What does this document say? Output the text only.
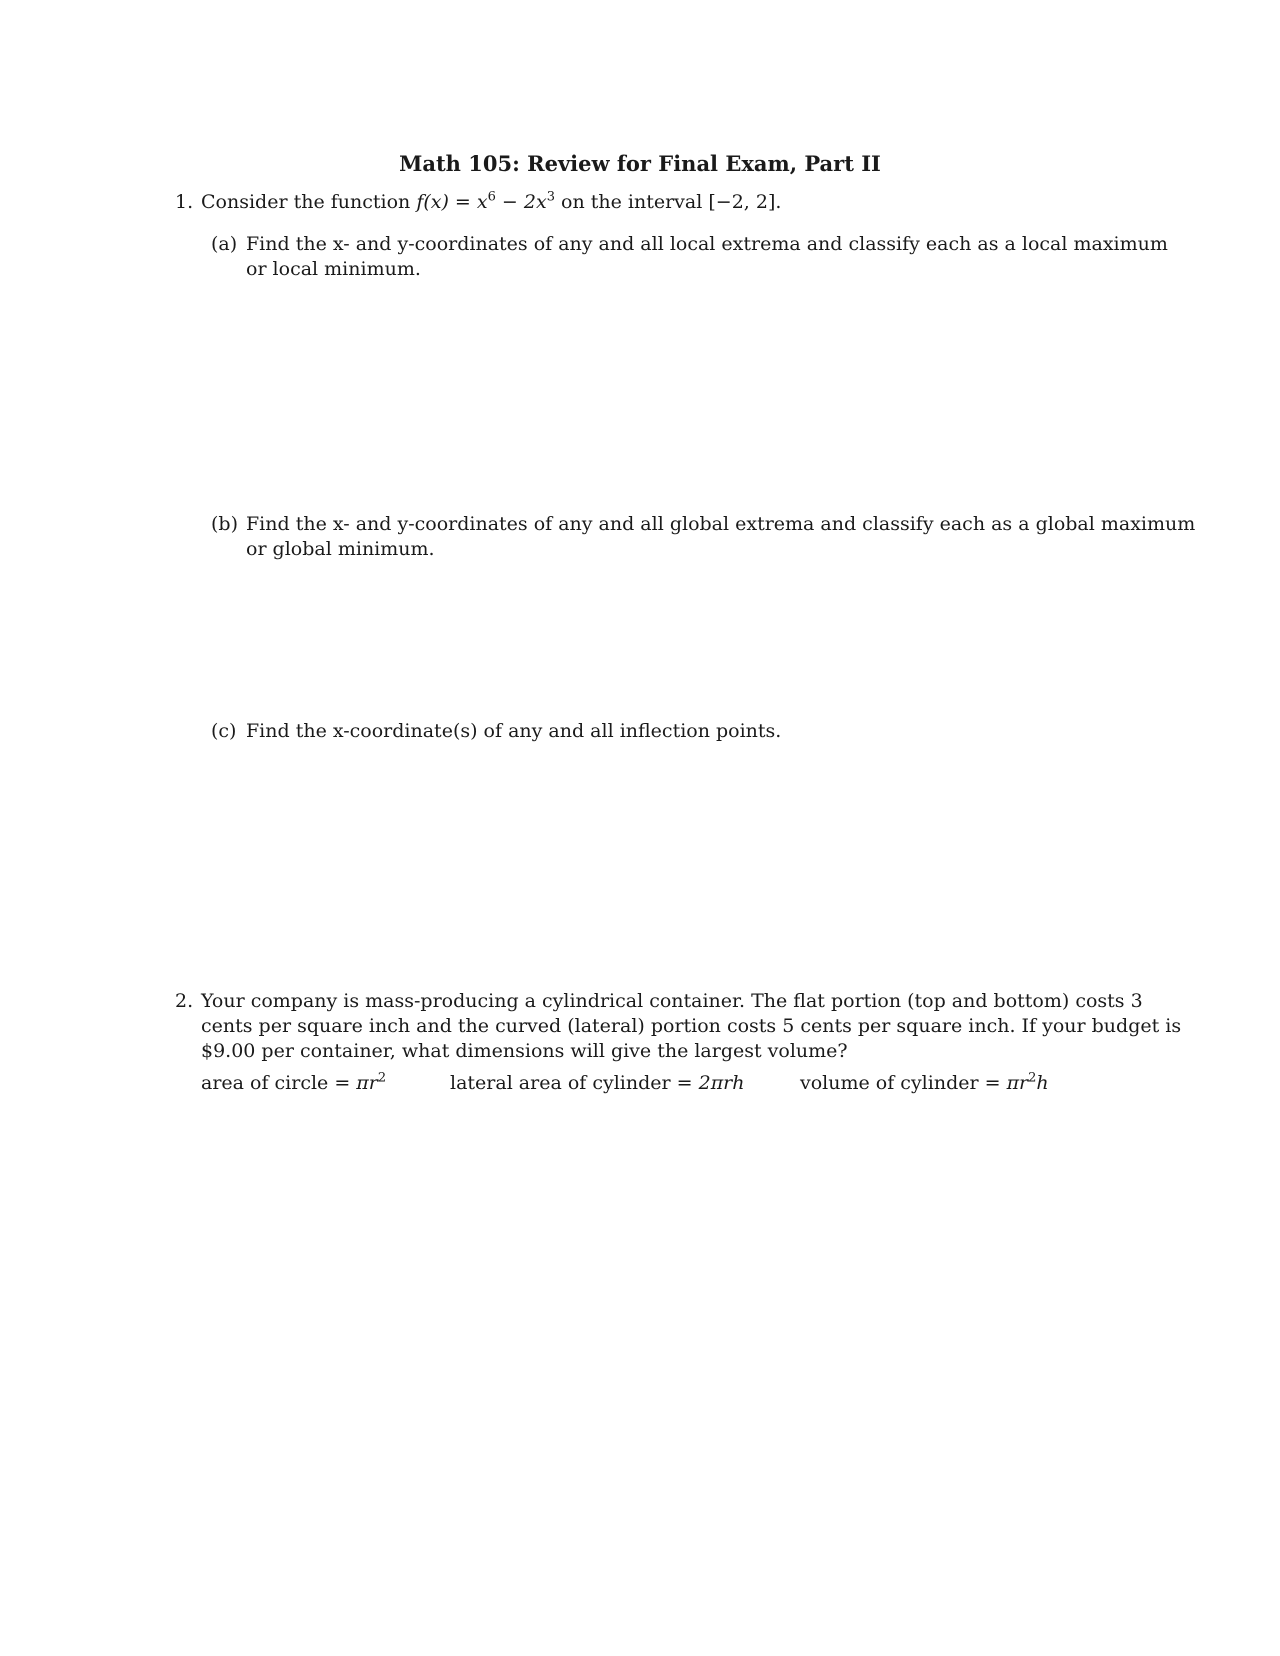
Math 105: Review for Final Exam, Part II
1. Consider the function $f(x) = x^6 - 2x^3$ on the interval [−2, 2].
(a) Find the x- and y-coordinates of any and all local extrema and classify each as a local maximum
or local minimum.
(b) Find the x- and y-coordinates of any and all global extrema and classify each as a global maximum
or global minimum.
(c) Find the x-coordinate(s) of any and all inflection points.
2. Your company is mass-producing a cylindrical container. The flat portion (top and bottom) costs 3
cents per square inch and the curved (lateral) portion costs 5 cents per square inch. If your budget is
$9.00 per container, what dimensions will give the largest volume?
area of circle = $\pi r^2$	lateral area of cylinder = 2πrh	volume of cylinder = $\pi r^2h$
